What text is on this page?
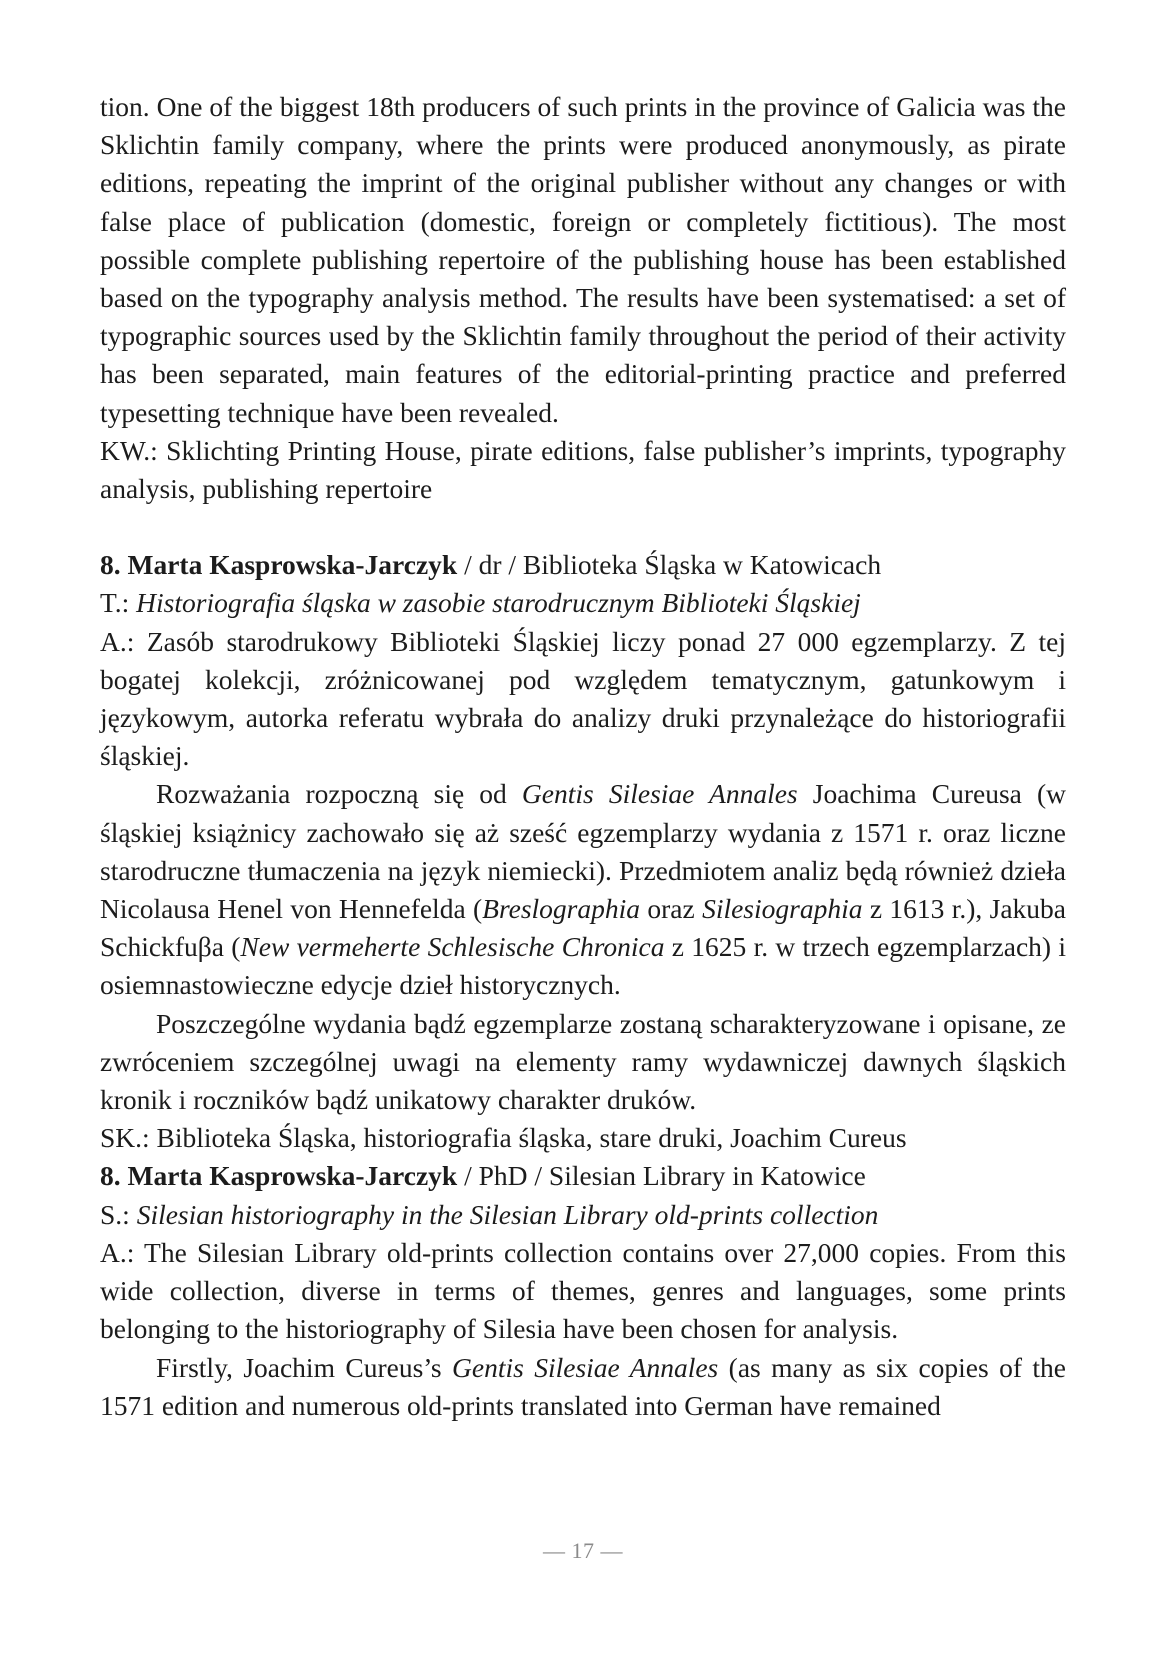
tion. One of the biggest 18th producers of such prints in the province of Galicia was the Sklichtin family company, where the prints were produced anonymously, as pirate editions, repeating the imprint of the original publisher without any changes or with false place of publication (domestic, foreign or completely fictitious). The most possible complete publishing repertoire of the publishing house has been established based on the typography analysis method. The results have been systematised: a set of typographic sources used by the Sklichtin family throughout the period of their activity has been separated, main features of the editorial-printing practice and preferred typesetting technique have been revealed.

KW.: Sklichting Printing House, pirate editions, false publisher’s imprints, typography analysis, publishing repertoire

8. Marta Kasprowska-Jarczyk / dr / Biblioteka Śląska w Katowicach

T.: Historiografia śląska w zasobie starodrucznym Biblioteki Śląskiej

A.: Zasób starodrukowy Biblioteki Śląskiej liczy ponad 27 000 egzemplarzy. Z tej bogatej kolekcji, zróżnicowanej pod względem tematycznym, gatunkowym i językowym, autorka referatu wybrała do analizy druki przynależące do historiografii śląskiej.

Rozważania rozpoczną się od Gentis Silesiae Annales Joachima Cureusa (w śląskiej książnicy zachowało się aż sześć egzemplarzy wydania z 1571 r. oraz liczne starodruczne tłumaczenia na język niemiecki). Przedmiotem analiz będą również dzieła Nicolausa Henel von Hennefelda (Breslographia oraz Silesiographia z 1613 r.), Jakuba Schickfuβa (New vermeherte Schlesische Chronica z 1625 r. w trzech egzemplarzach) i osiemnastowieczne edycje dzieł historycznych.

Poszczególne wydania bądź egzemplarze zostaną scharakteryzowane i opisane, ze zwróceniem szczególnej uwagi na elementy ramy wydawniczej dawnych śląskich kronik i roczników bądź unikatowy charakter druków.

SK.: Biblioteka Śląska, historiografia śląska, stare druki, Joachim Cureus

8. Marta Kasprowska-Jarczyk / PhD / Silesian Library in Katowice

S.: Silesian historiography in the Silesian Library old-prints collection

A.: The Silesian Library old-prints collection contains over 27,000 copies. From this wide collection, diverse in terms of themes, genres and languages, some prints belonging to the historiography of Silesia have been chosen for analysis.

Firstly, Joachim Cureus’s Gentis Silesiae Annales (as many as six copies of the 1571 edition and numerous old-prints translated into German have remained

— 17 —
